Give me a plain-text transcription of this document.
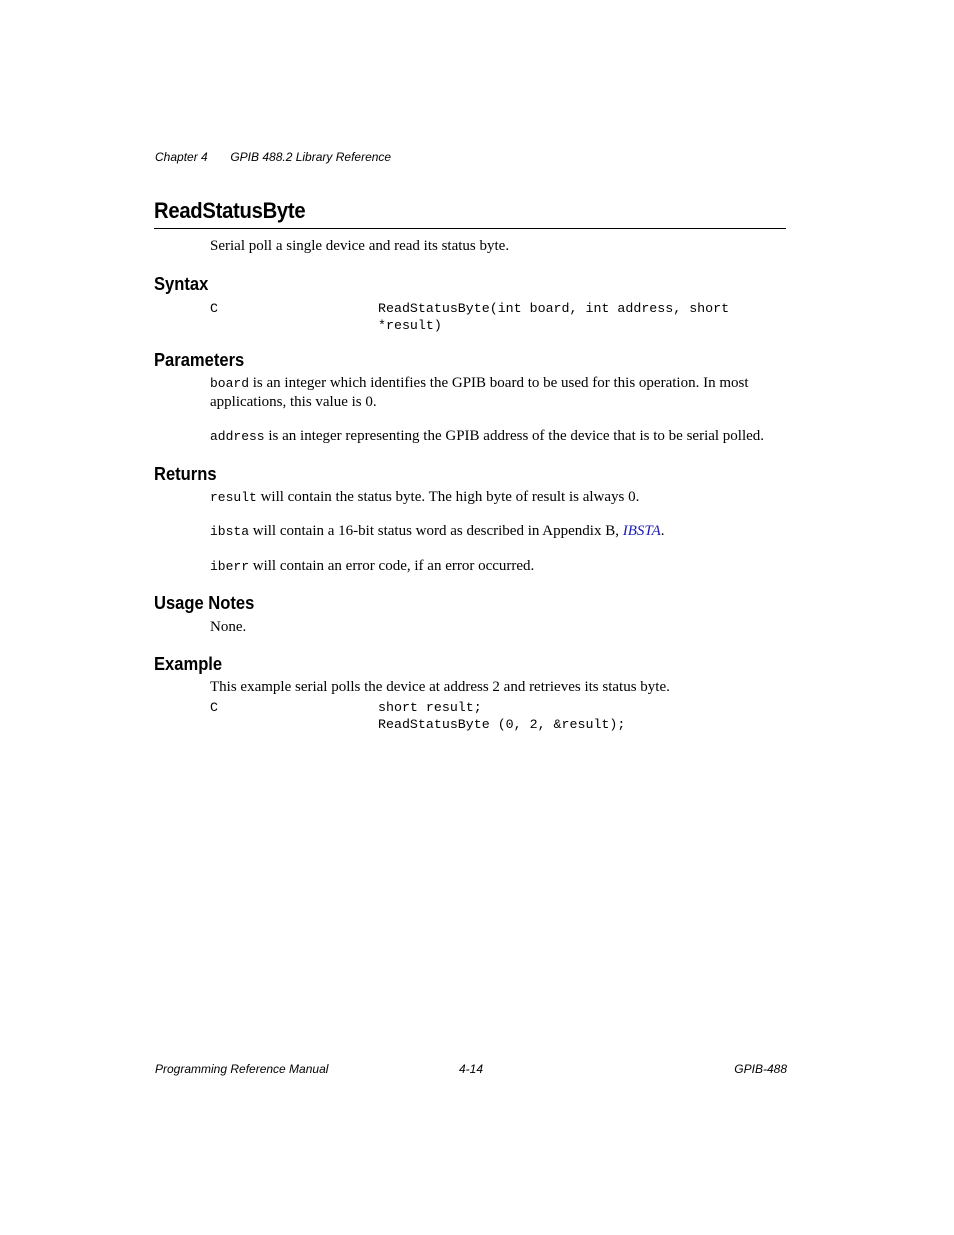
Chapter 4 GPIB 488.2 Library Reference
ReadStatusByte

Serial poll a single device and read its status byte.

Syntax
C	ReadStatusByte(int board, int address, short
*result)
Parameters

board is an integer which identifies the GPIB board to be used for this operation. In most applications, this value is 0.

address is an integer representing the GPIB address of the device that is to be serial polled.

Returns

result will contain the status byte. The high byte of result is always 0.

ibsta will contain a 16-bit status word as described in Appendix B, IBSTA.

iberr will contain an error code, if an error occurred.

Usage Notes

None.

Example

This example serial polls the device at address 2 and retrieves its status byte.

C	short result;
ReadStatusByte (0, 2, &result);
Programming Reference Manual	4-14	GPIB-488
